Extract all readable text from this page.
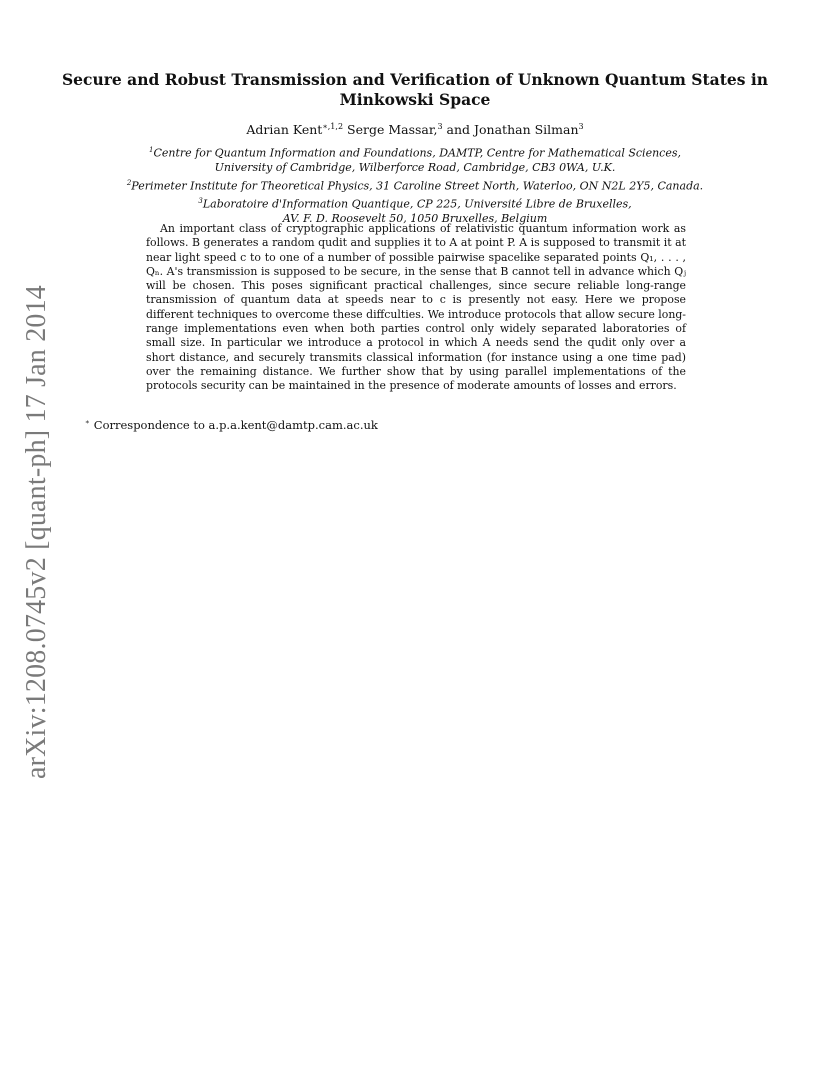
arXiv:1208.0745v2 [quant-ph] 17 Jan 2014
Secure and Robust Transmission and Verification of Unknown Quantum States in Minkowski Space
Adrian Kent$^{∗,1,2}$ Serge Massar,$^3$ and Jonathan Silman$^3$
$^1$Centre for Quantum Information and Foundations, DAMTP, Centre for Mathematical Sciences,
University of Cambridge, Wilberforce Road, Cambridge, CB3 0WA, U.K.
$^2$Perimeter Institute for Theoretical Physics, 31 Caroline Street North, Waterloo, ON N2L 2Y5, Canada.
$^3$Laboratoire d'Information Quantique, CP 225, Université Libre de Bruxelles,
AV. F. D. Roosevelt 50, 1050 Bruxelles, Belgium
An important class of cryptographic applications of relativistic quantum information work as follows. B generates a random qudit and supplies it to A at point P. A is supposed to transmit it at near light speed c to to one of a number of possible pairwise spacelike separated points Q₁, . . . , Qₙ. A's transmission is supposed to be secure, in the sense that B cannot tell in advance which Qⱼ will be chosen. This poses significant practical challenges, since secure reliable long-range transmission of quantum data at speeds near to c is presently not easy. Here we propose different techniques to overcome these diffculties. We introduce protocols that allow secure long-range implementations even when both parties control only widely separated laboratories of small size. In particular we introduce a protocol in which A needs send the qudit only over a short distance, and securely transmits classical information (for instance using a one time pad) over the remaining distance. We further show that by using parallel implementations of the protocols security can be maintained in the presence of moderate amounts of losses and errors.
∗ Correspondence to a.p.a.kent@damtp.cam.ac.uk
